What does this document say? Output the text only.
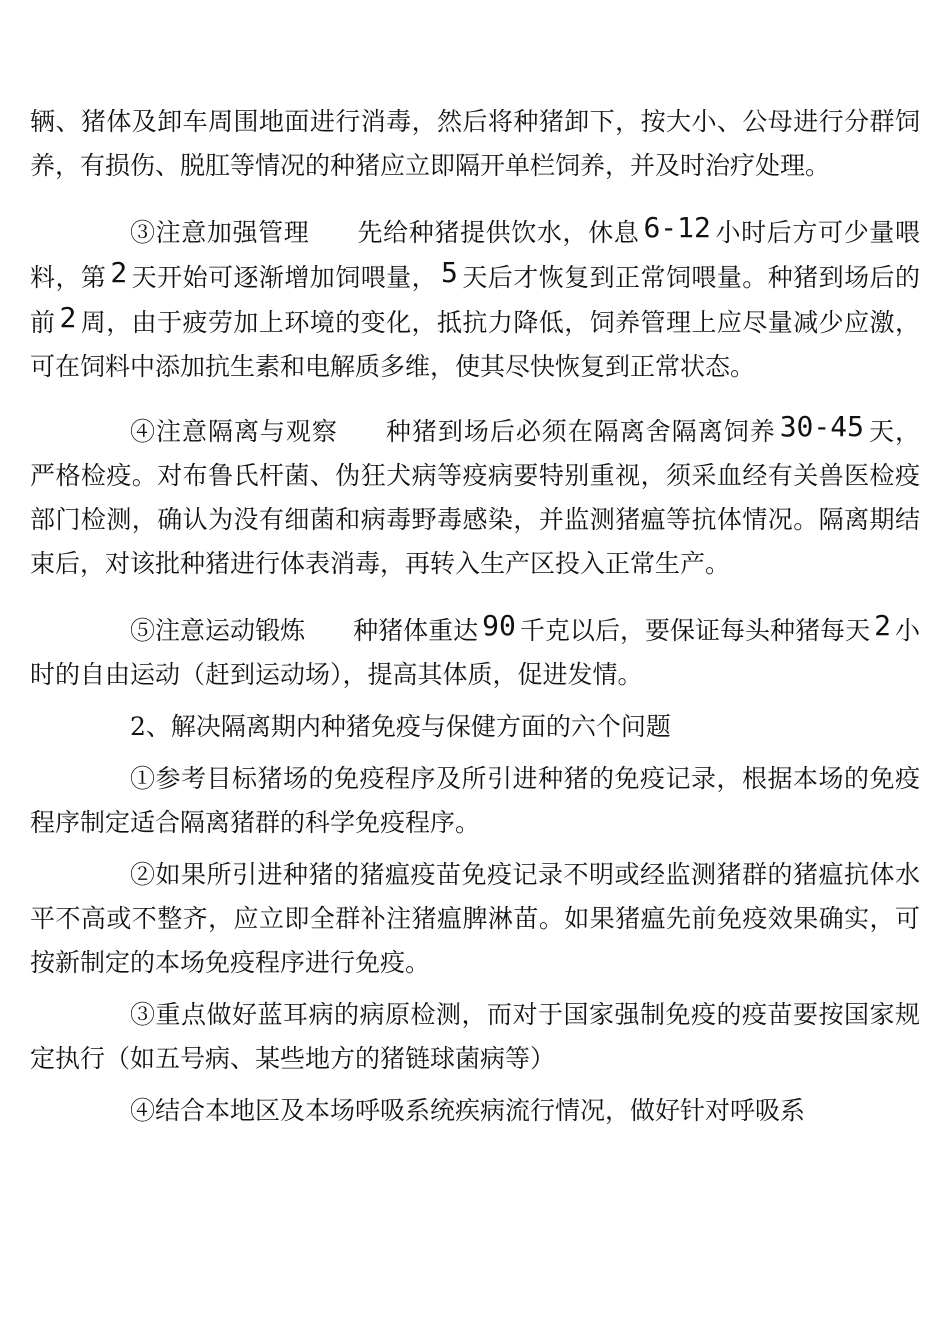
辆、猪体及卸车周围地面进行消毒，然后将种猪卸下，按大小、公母进行分群饲养，有损伤、脱肛等情况的种猪应立即隔开单栏饲养，并及时治疗处理。

③注意加强管理 先给种猪提供饮水，休息 6-12 小时后方可少量喂料，第 2 天开始可逐渐增加饲喂量， 5 天后才恢复到正常饲喂量。种猪到场后的前 2 周，由于疲劳加上环境的变化，抵抗力降低，饲养管理上应尽量减少应激，可在饲料中添加抗生素和电解质多维，使其尽快恢复到正常状态。

④注意隔离与观察 种猪到场后必须在隔离舍隔离饲养 30-45 天，严格检疫。对布鲁氏杆菌、伪狂犬病等疫病要特别重视，须采血经有关兽医检疫部门检测，确认为没有细菌和病毒野毒感染，并监测猪瘟等抗体情况。隔离期结束后，对该批种猪进行体表消毒，再转入生产区投入正常生产。

⑤注意运动锻炼 种猪体重达 90 千克以后，要保证每头种猪每天 2 小时的自由运动（赶到运动场），提高其体质，促进发情。

2、解决隔离期内种猪免疫与保健方面的六个问题

①参考目标猪场的免疫程序及所引进种猪的免疫记录，根据本场的免疫程序制定适合隔离猪群的科学免疫程序。

②如果所引进种猪的猪瘟疫苗免疫记录不明或经监测猪群的猪瘟抗体水平不高或不整齐，应立即全群补注猪瘟脾淋苗。如果猪瘟先前免疫效果确实，可按新制定的本场免疫程序进行免疫。

③重点做好蓝耳病的病原检测，而对于国家强制免疫的疫苗要按国家规定执行（如五号病、某些地方的猪链球菌病等）

④结合本地区及本场呼吸系统疾病流行情况，做好针对呼吸系
